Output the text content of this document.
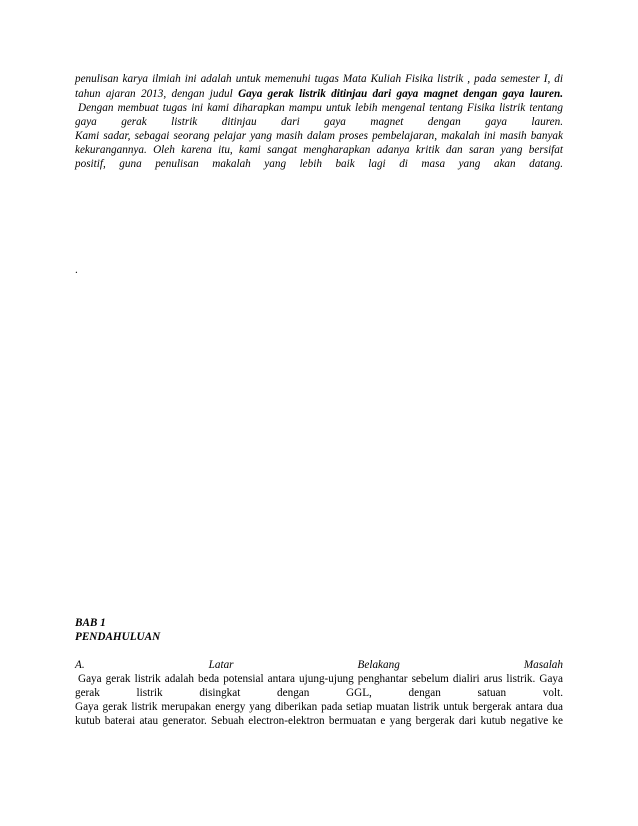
penulisan karya ilmiah ini adalah untuk memenuhi tugas Mata Kuliah Fisika listrik , pada semester I, di
tahun ajaran 2013, dengan judul Gaya gerak listrik ditinjau dari gaya magnet dengan gaya lauren.
Dengan membuat tugas ini kami diharapkan mampu untuk lebih mengenal tentang Fisika listrik tentang
gaya gerak listrik ditinjau dari gaya magnet dengan gaya lauren.
Kami sadar, sebagai seorang pelajar yang masih dalam proses pembelajaran, makalah ini masih banyak
kekurangannya. Oleh karena itu, kami sangat mengharapkan adanya kritik dan saran yang bersifat
positif, guna penulisan makalah yang lebih baik lagi di masa yang akan datang.
.
BAB 1
PENDAHULUAN
A. Latar Belakang Masalah
Gaya gerak listrik adalah beda potensial antara ujung-ujung penghantar sebelum dialiri arus listrik. Gaya
gerak listrik disingkat dengan GGL, dengan satuan volt.
Gaya gerak listrik merupakan energy yang diberikan pada setiap muatan listrik untuk bergerak antara dua
kutub baterai atau generator. Sebuah electron-elektron bermuatan e yang bergerak dari kutub negative ke
